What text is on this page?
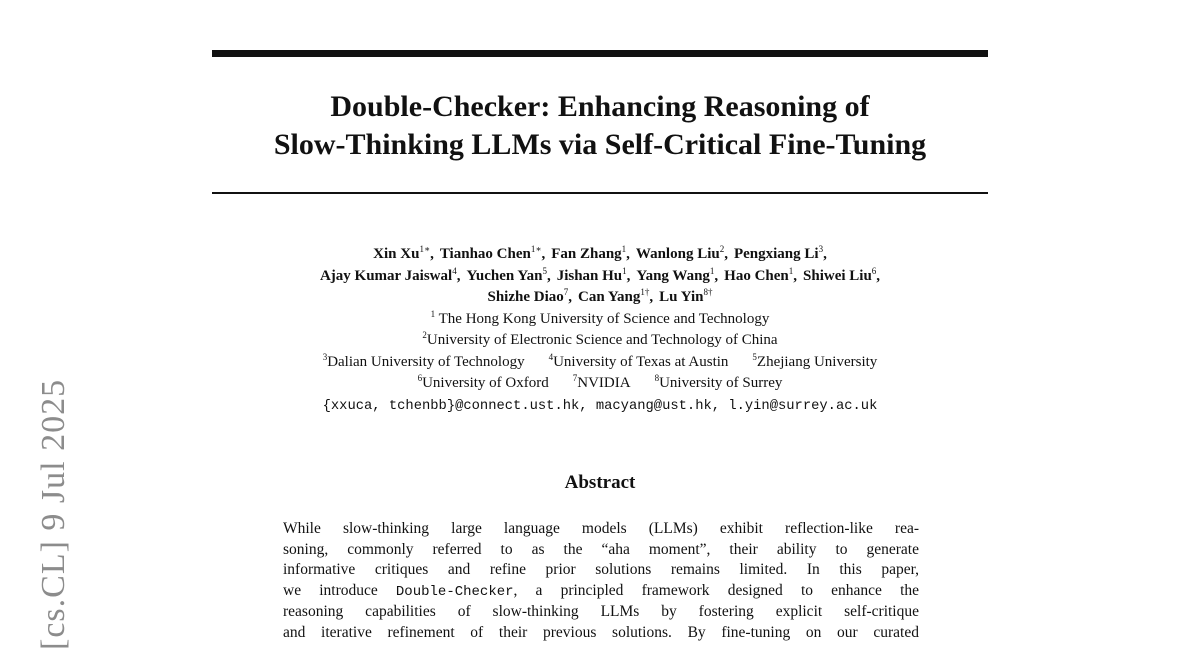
Double-Checker: Enhancing Reasoning of
Slow-Thinking LLMs via Self-Critical Fine-Tuning
Xin $Xu^{1∗}$, Tianhao Chen$^{1∗}$, Fan Zhang$^1$, Wanlong Liu$^2$, Pengxiang Li$^3$,
Ajay Kumar Jaiswal$^4$, Yuchen Yan$^5$, Jishan Hu$^1$, Yang Wang$^1$, Hao Chen$^1$, Shiwei Liu$^6$,
Shizhe Diao$^7$, Can Yang$^{1\dagger}$, Lu Yin$^{8\dagger}$
$^1$ The Hong Kong University of Science and Technology
$^2$University of Electronic Science and Technology of China
$^3$Dalian University of Technology	$^4$University of Texas at Austin	$^5$Zhejiang University
$^6$University of Oxford	$^7$NVIDIA	$^8$University of Surrey
{xxuca, tchenbb}@connect.ust.hk, macyang@ust.hk, l.yin@surrey.ac.uk
Abstract
While slow-thinking large language models (LLMs) exhibit reflection-like rea-
soning, commonly referred to as the “aha moment”, their ability to generate
informative critiques and refine prior solutions remains limited. In this paper,
we introduce Double-Checker, a principled framework designed to enhance the
reasoning capabilities of slow-thinking LLMs by fostering explicit self-critique
and iterative refinement of their previous solutions. By fine-tuning on our curated
[cs.CL] 9 Jul 2025
